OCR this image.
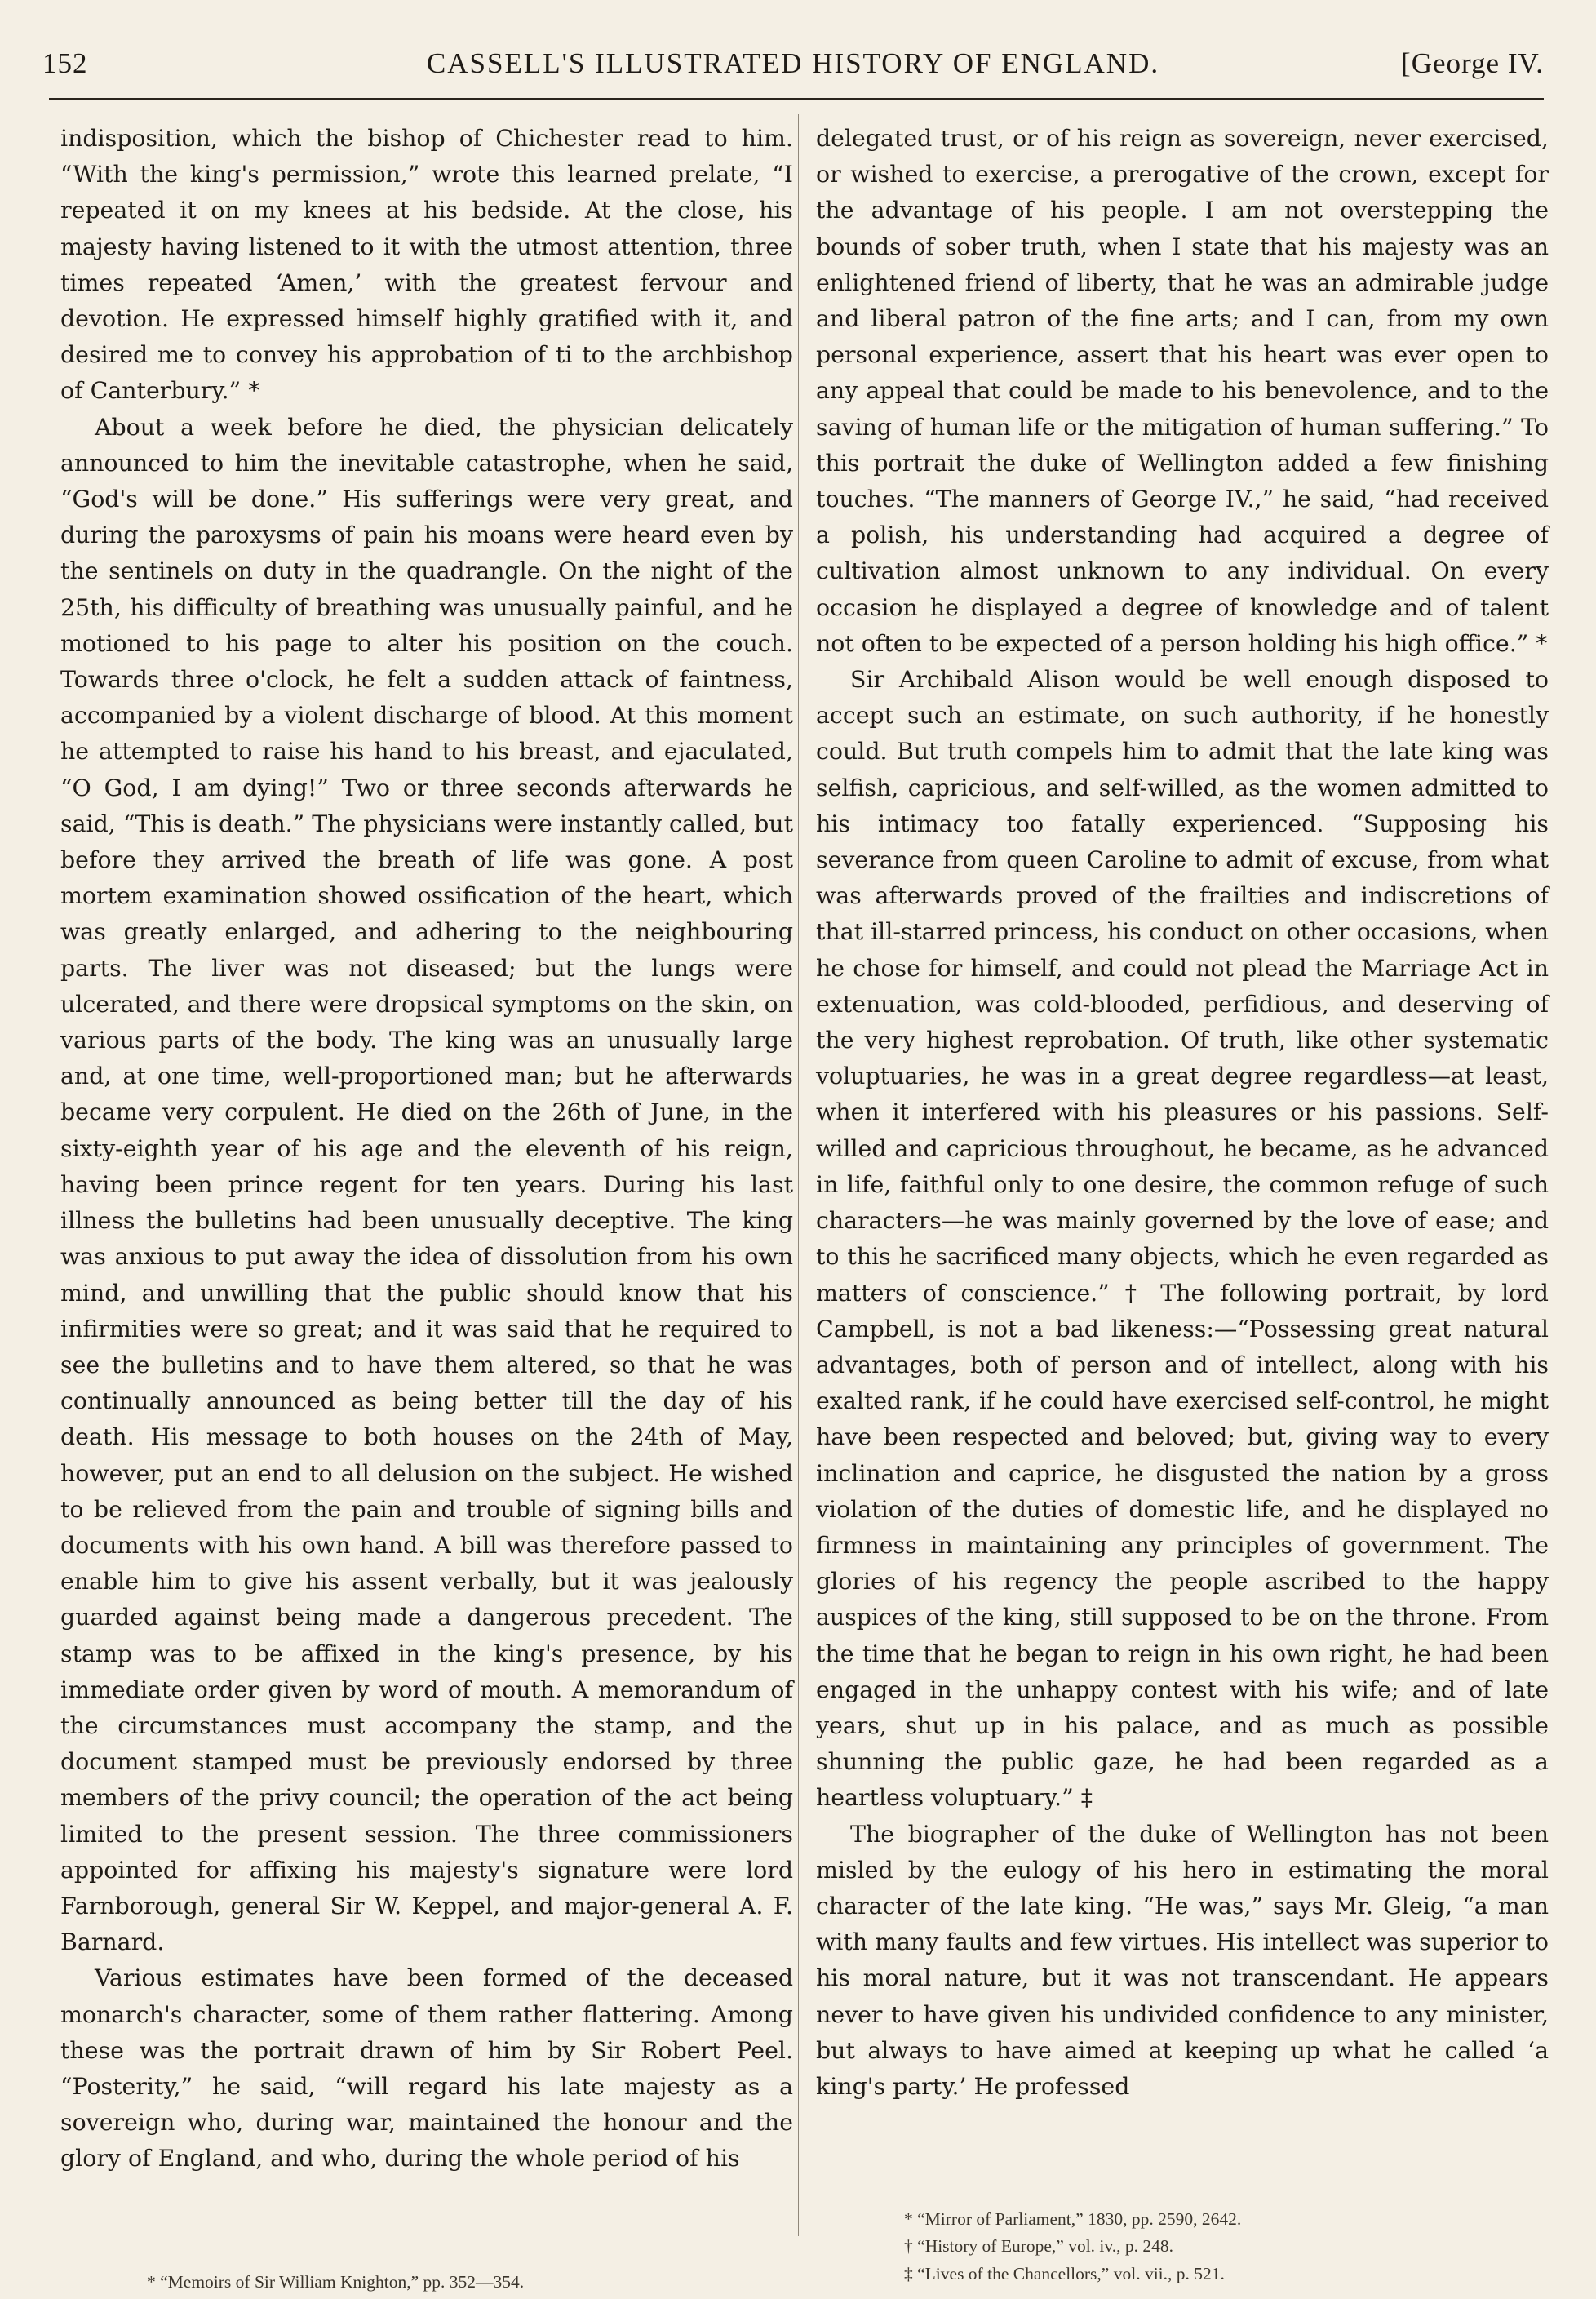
152	CASSELL'S ILLUSTRATED HISTORY OF ENGLAND.	[George IV.

indisposition, which the bishop of Chichester read to him. “With the king's permission,” wrote this learned prelate, “I repeated it on my knees at his bedside. At the close, his majesty having listened to it with the utmost attention, three times repeated ‘Amen,’ with the greatest fervour and devotion. He expressed himself highly gratified with it, and desired me to convey his approbation of ti to the archbishop of Canterbury.” *

About a week before he died, the physician delicately announced to him the inevitable catastrophe, when he said, “God's will be done.” His sufferings were very great, and during the paroxysms of pain his moans were heard even by the sentinels on duty in the quadrangle. On the night of the 25th, his difficulty of breathing was unusually painful, and he motioned to his page to alter his position on the couch. Towards three o'clock, he felt a sudden attack of faintness, accompanied by a violent discharge of blood. At this moment he attempted to raise his hand to his breast, and ejaculated, “O God, I am dying!” Two or three seconds afterwards he said, “This is death.” The physicians were instantly called, but before they arrived the breath of life was gone. A post mortem examination showed ossification of the heart, which was greatly enlarged, and adhering to the neighbouring parts. The liver was not diseased; but the lungs were ulcerated, and there were dropsical symptoms on the skin, on various parts of the body. The king was an unusually large and, at one time, well-proportioned man; but he afterwards became very corpulent. He died on the 26th of June, in the sixty-eighth year of his age and the eleventh of his reign, having been prince regent for ten years. During his last illness the bulletins had been unusually deceptive. The king was anxious to put away the idea of dissolution from his own mind, and unwilling that the public should know that his infirmities were so great; and it was said that he required to see the bulletins and to have them altered, so that he was continually announced as being better till the day of his death. His message to both houses on the 24th of May, however, put an end to all delusion on the subject. He wished to be relieved from the pain and trouble of signing bills and documents with his own hand. A bill was therefore passed to enable him to give his assent verbally, but it was jealously guarded against being made a dangerous precedent. The stamp was to be affixed in the king's presence, by his immediate order given by word of mouth. A memorandum of the circumstances must accompany the stamp, and the document stamped must be previously endorsed by three members of the privy council; the operation of the act being limited to the present session. The three commissioners appointed for affixing his majesty's signature were lord Farnborough, general Sir W. Keppel, and major-general A. F. Barnard.

Various estimates have been formed of the deceased monarch's character, some of them rather flattering. Among these was the portrait drawn of him by Sir Robert Peel. “Posterity,” he said, “will regard his late majesty as a sovereign who, during war, maintained the honour and the glory of England, and who, during the whole period of his

delegated trust, or of his reign as sovereign, never exercised, or wished to exercise, a prerogative of the crown, except for the advantage of his people. I am not overstepping the bounds of sober truth, when I state that his majesty was an enlightened friend of liberty, that he was an admirable judge and liberal patron of the fine arts; and I can, from my own personal experience, assert that his heart was ever open to any appeal that could be made to his benevolence, and to the saving of human life or the mitigation of human suffering.” To this portrait the duke of Wellington added a few finishing touches. “The manners of George IV.,” he said, “had received a polish, his understanding had acquired a degree of cultivation almost unknown to any individual. On every occasion he displayed a degree of knowledge and of talent not often to be expected of a person holding his high office.” *

Sir Archibald Alison would be well enough disposed to accept such an estimate, on such authority, if he honestly could. But truth compels him to admit that the late king was selfish, capricious, and self-willed, as the women admitted to his intimacy too fatally experienced. “Supposing his severance from queen Caroline to admit of excuse, from what was afterwards proved of the frailties and indiscretions of that ill-starred princess, his conduct on other occasions, when he chose for himself, and could not plead the Marriage Act in extenuation, was cold-blooded, perfidious, and deserving of the very highest reprobation. Of truth, like other systematic voluptuaries, he was in a great degree regardless—at least, when it interfered with his pleasures or his passions. Self-willed and capricious throughout, he became, as he advanced in life, faithful only to one desire, the common refuge of such characters—he was mainly governed by the love of ease; and to this he sacrificed many objects, which he even regarded as matters of conscience.” † The following portrait, by lord Campbell, is not a bad likeness:—“Possessing great natural advantages, both of person and of intellect, along with his exalted rank, if he could have exercised self-control, he might have been respected and beloved; but, giving way to every inclination and caprice, he disgusted the nation by a gross violation of the duties of domestic life, and he displayed no firmness in maintaining any principles of government. The glories of his regency the people ascribed to the happy auspices of the king, still supposed to be on the throne. From the time that he began to reign in his own right, he had been engaged in the unhappy contest with his wife; and of late years, shut up in his palace, and as much as possible shunning the public gaze, he had been regarded as a heartless voluptuary.” ‡

The biographer of the duke of Wellington has not been misled by the eulogy of his hero in estimating the moral character of the late king. “He was,” says Mr. Gleig, “a man with many faults and few virtues. His intellect was superior to his moral nature, but it was not transcendant. He appears never to have given his undivided confidence to any minister, but always to have aimed at keeping up what he called ‘a king's party.’ He professed

* “Memoirs of Sir William Knighton,” pp. 352—354.
* “Mirror of Parliament,” 1830, pp. 2590, 2642.
† “History of Europe,” vol. iv., p. 248.
‡ “Lives of the Chancellors,” vol. vii., p. 521.
